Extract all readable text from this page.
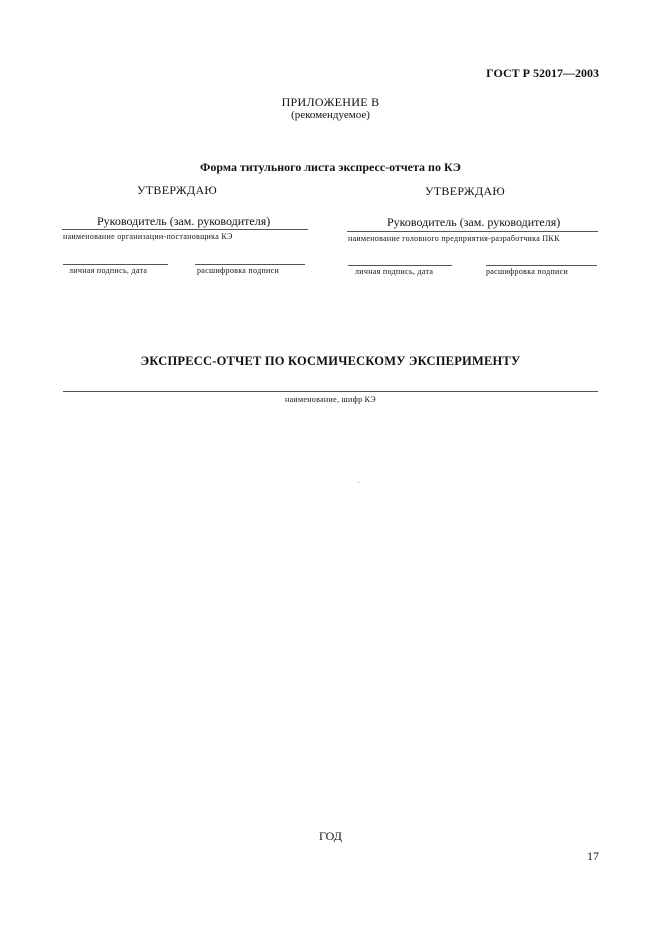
ГОСТ Р 52017—2003
ПРИЛОЖЕНИЕ В
(рекомендуемое)
Форма титульного листа экспресс-отчета по КЭ
УТВЕРЖДАЮ
Руководитель (зам. руководителя)
наименование организации-постановщика КЭ
личная подпись, дата	расшифровка подписи
УТВЕРЖДАЮ
Руководитель (зам. руководителя)
наименование головного предприятия-разработчика ПКК
личная подпись, дата	расшифровка подписи
ЭКСПРЕСС-ОТЧЕТ ПО КОСМИЧЕСКОМУ ЭКСПЕРИМЕНТУ
наименование, шифр КЭ
ГОД
17
